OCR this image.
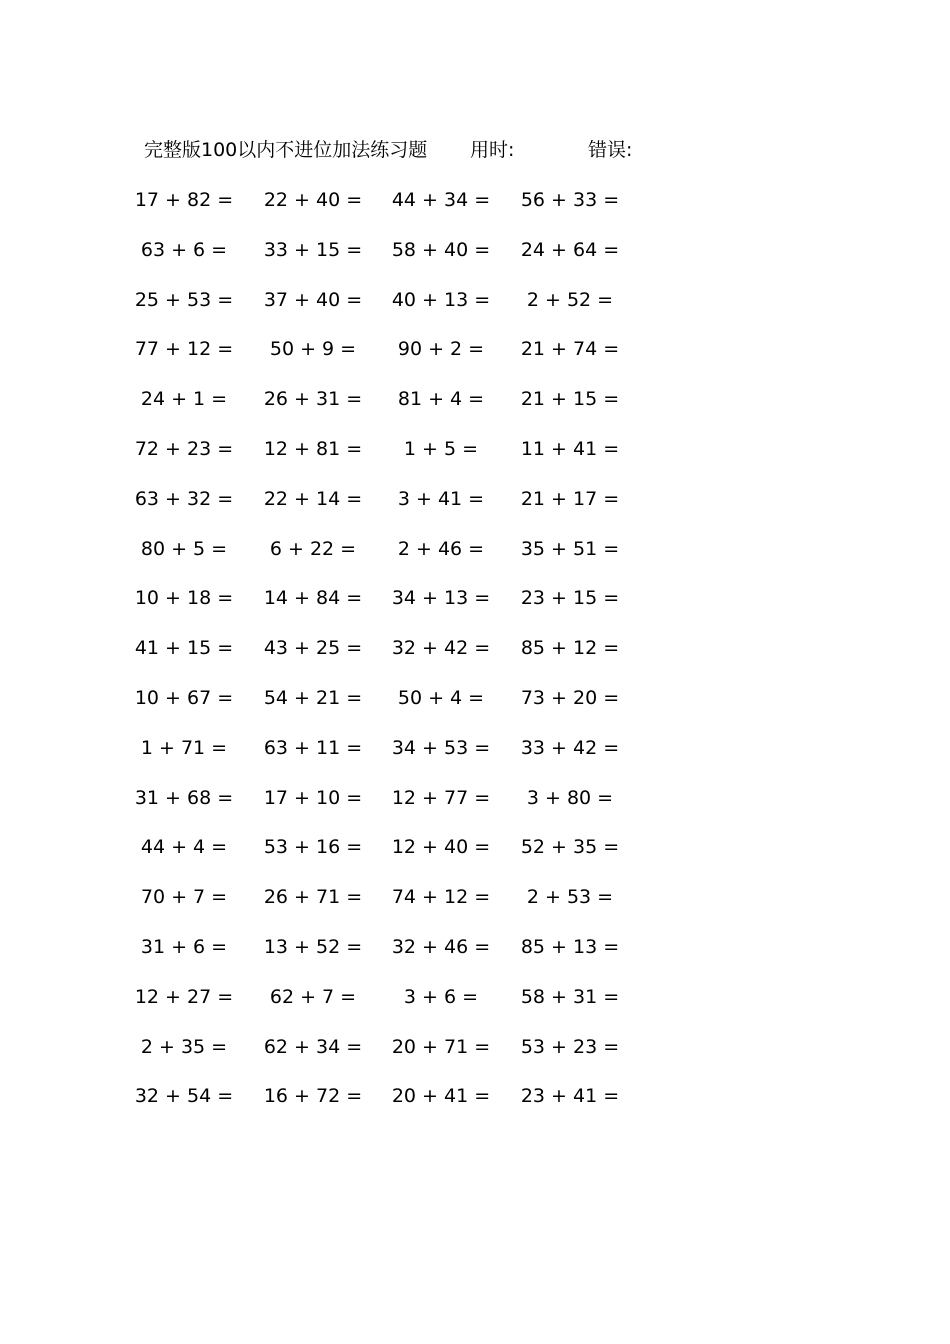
完整版100以内不进位加法练习题 用时:	错误:
17 + 82 =	22 + 40 =	44 + 34 =	56 + 33 =
63 + 6 =	33 + 15 =	58 + 40 =	24 + 64 =
25 + 53 =	37 + 40 =	40 + 13 =	2 + 52 =
77 + 12 =	50 + 9 =	90 + 2 =	21 + 74 =
24 + 1 =	26 + 31 =	81 + 4 =	21 + 15 =
72 + 23 =	12 + 81 =	1 + 5 =	11 + 41 =
63 + 32 =	22 + 14 =	3 + 41 =	21 + 17 =
80 + 5 =	6 + 22 =	2 + 46 =	35 + 51 =
10 + 18 =	14 + 84 =	34 + 13 =	23 + 15 =
41 + 15 =	43 + 25 =	32 + 42 =	85 + 12 =
10 + 67 =	54 + 21 =	50 + 4 =	73 + 20 =
1 + 71 =	63 + 11 =	34 + 53 =	33 + 42 =
31 + 68 =	17 + 10 =	12 + 77 =	3 + 80 =
44 + 4 =	53 + 16 =	12 + 40 =	52 + 35 =
70 + 7 =	26 + 71 =	74 + 12 =	2 + 53 =
31 + 6 =	13 + 52 =	32 + 46 =	85 + 13 =
12 + 27 =	62 + 7 =	3 + 6 =	58 + 31 =
2 + 35 =	62 + 34 =	20 + 71 =	53 + 23 =
32 + 54 =	16 + 72 =	20 + 41 =	23 + 41 =
